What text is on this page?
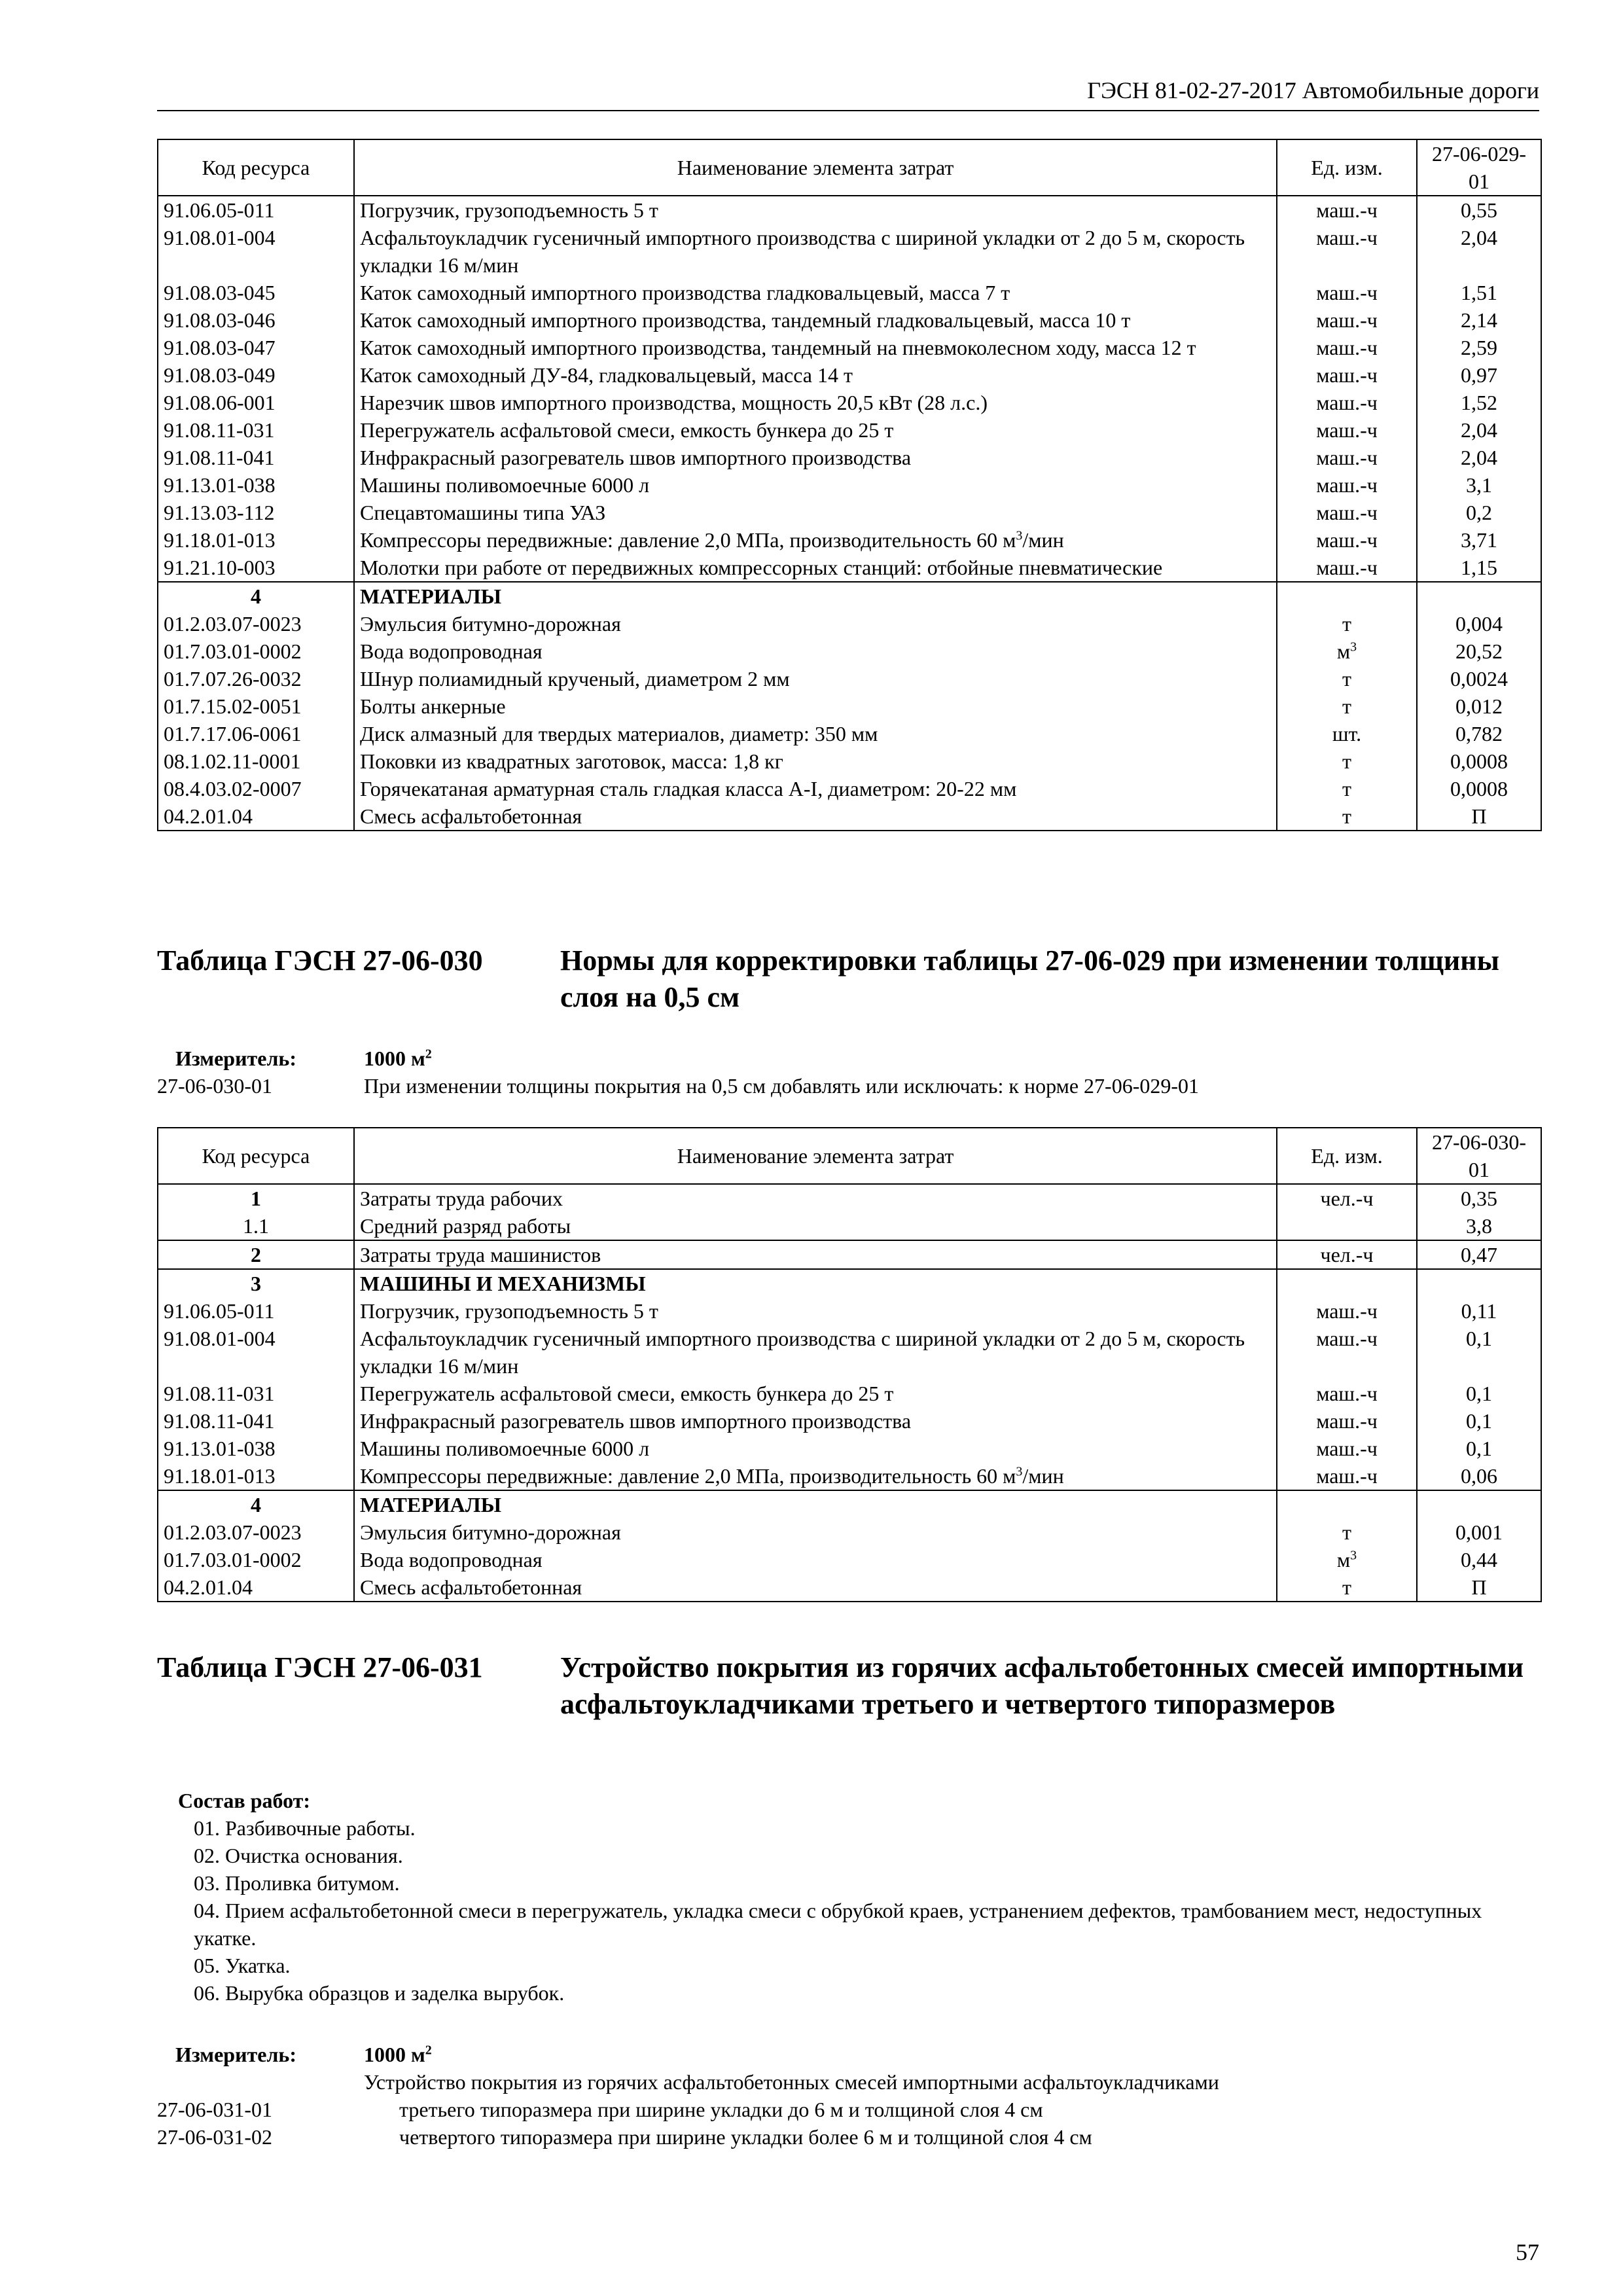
ГЭСН 81-02-27-2017 Автомобильные дороги
Код ресурса	Наименование элемента затрат	Ед. изм.	27-06-029-01
91.06.05-011	Погрузчик, грузоподъемность 5 т	маш.-ч	0,55
91.08.01-004	Асфальтоукладчик гусеничный импортного производства с шириной укладки от 2 до 5 м, скорость укладки 16 м/мин	маш.-ч	2,04
91.08.03-045	Каток самоходный импортного производства гладковальцевый, масса 7 т	маш.-ч	1,51
91.08.03-046	Каток самоходный импортного производства, тандемный гладковальцевый, масса 10 т	маш.-ч	2,14
91.08.03-047	Каток самоходный импортного производства, тандемный на пневмоколесном ходу, масса 12 т	маш.-ч	2,59
91.08.03-049	Каток самоходный ДУ-84, гладковальцевый, масса 14 т	маш.-ч	0,97
91.08.06-001	Нарезчик швов импортного производства, мощность 20,5 кВт (28 л.с.)	маш.-ч	1,52
91.08.11-031	Перегружатель асфальтовой смеси, емкость бункера до 25 т	маш.-ч	2,04
91.08.11-041	Инфракрасный разогреватель швов импортного производства	маш.-ч	2,04
91.13.01-038	Машины поливомоечные 6000 л	маш.-ч	3,1
91.13.03-112	Спецавтомашины типа УАЗ	маш.-ч	0,2
91.18.01-013	Компрессоры передвижные: давление 2,0 МПа, производительность 60 $м^3$/мин	маш.-ч	3,71
91.21.10-003	Молотки при работе от передвижных компрессорных станций: отбойные пневматические	маш.-ч	1,15
4	МАТЕРИАЛЫ		
01.2.03.07-0023	Эмульсия битумно-дорожная	т	0,004
01.7.03.01-0002	Вода водопроводная	$м^3$	20,52
01.7.07.26-0032	Шнур полиамидный крученый, диаметром 2 мм	т	0,0024
01.7.15.02-0051	Болты анкерные	т	0,012
01.7.17.06-0061	Диск алмазный для твердых материалов, диаметр: 350 мм	шт.	0,782
08.1.02.11-0001	Поковки из квадратных заготовок, масса: 1,8 кг	т	0,0008
08.4.03.02-0007	Горячекатаная арматурная сталь гладкая класса А-I, диаметром: 20-22 мм	т	0,0008
04.2.01.04	Смесь асфальтобетонная	т	П
Таблица ГЭСН 27-06-030	Нормы для корректировки таблицы 27-06-029 при изменении толщины слоя на 0,5 см
Измеритель:	1000 $м^2$
27-06-030-01	При изменении толщины покрытия на 0,5 см добавлять или исключать: к норме 27-06-029-01
Код ресурса	Наименование элемента затрат	Ед. изм.	27-06-030-01
1	Затраты труда рабочих	чел.-ч	0,35
1.1	Средний разряд работы		3,8
2	Затраты труда машинистов	чел.-ч	0,47
3	МАШИНЫ И МЕХАНИЗМЫ		
91.06.05-011	Погрузчик, грузоподъемность 5 т	маш.-ч	0,11
91.08.01-004	Асфальтоукладчик гусеничный импортного производства с шириной укладки от 2 до 5 м, скорость укладки 16 м/мин	маш.-ч	0,1
91.08.11-031	Перегружатель асфальтовой смеси, емкость бункера до 25 т	маш.-ч	0,1
91.08.11-041	Инфракрасный разогреватель швов импортного производства	маш.-ч	0,1
91.13.01-038	Машины поливомоечные 6000 л	маш.-ч	0,1
91.18.01-013	Компрессоры передвижные: давление 2,0 МПа, производительность 60 $м^3$/мин	маш.-ч	0,06
4	МАТЕРИАЛЫ		
01.2.03.07-0023	Эмульсия битумно-дорожная	т	0,001
01.7.03.01-0002	Вода водопроводная	$м^3$	0,44
04.2.01.04	Смесь асфальтобетонная	т	П
Таблица ГЭСН 27-06-031	Устройство покрытия из горячих асфальтобетонных смесей импортными асфальтоукладчиками третьего и четвертого типоразмеров
Состав работ:
01. Разбивочные работы.
02. Очистка основания.
03. Проливка битумом.
04. Прием асфальтобетонной смеси в перегружатель, укладка смеси с обрубкой краев, устранением дефектов, трамбованием мест, недоступных укатке.
05. Укатка.
06. Вырубка образцов и заделка вырубок.
Измеритель:	1000 $м^2$
Устройство покрытия из горячих асфальтобетонных смесей импортными асфальтоукладчиками
27-06-031-01	третьего типоразмера при ширине укладки до 6 м и толщиной слоя 4 см
27-06-031-02	четвертого типоразмера при ширине укладки более 6 м и толщиной слоя 4 см
57
